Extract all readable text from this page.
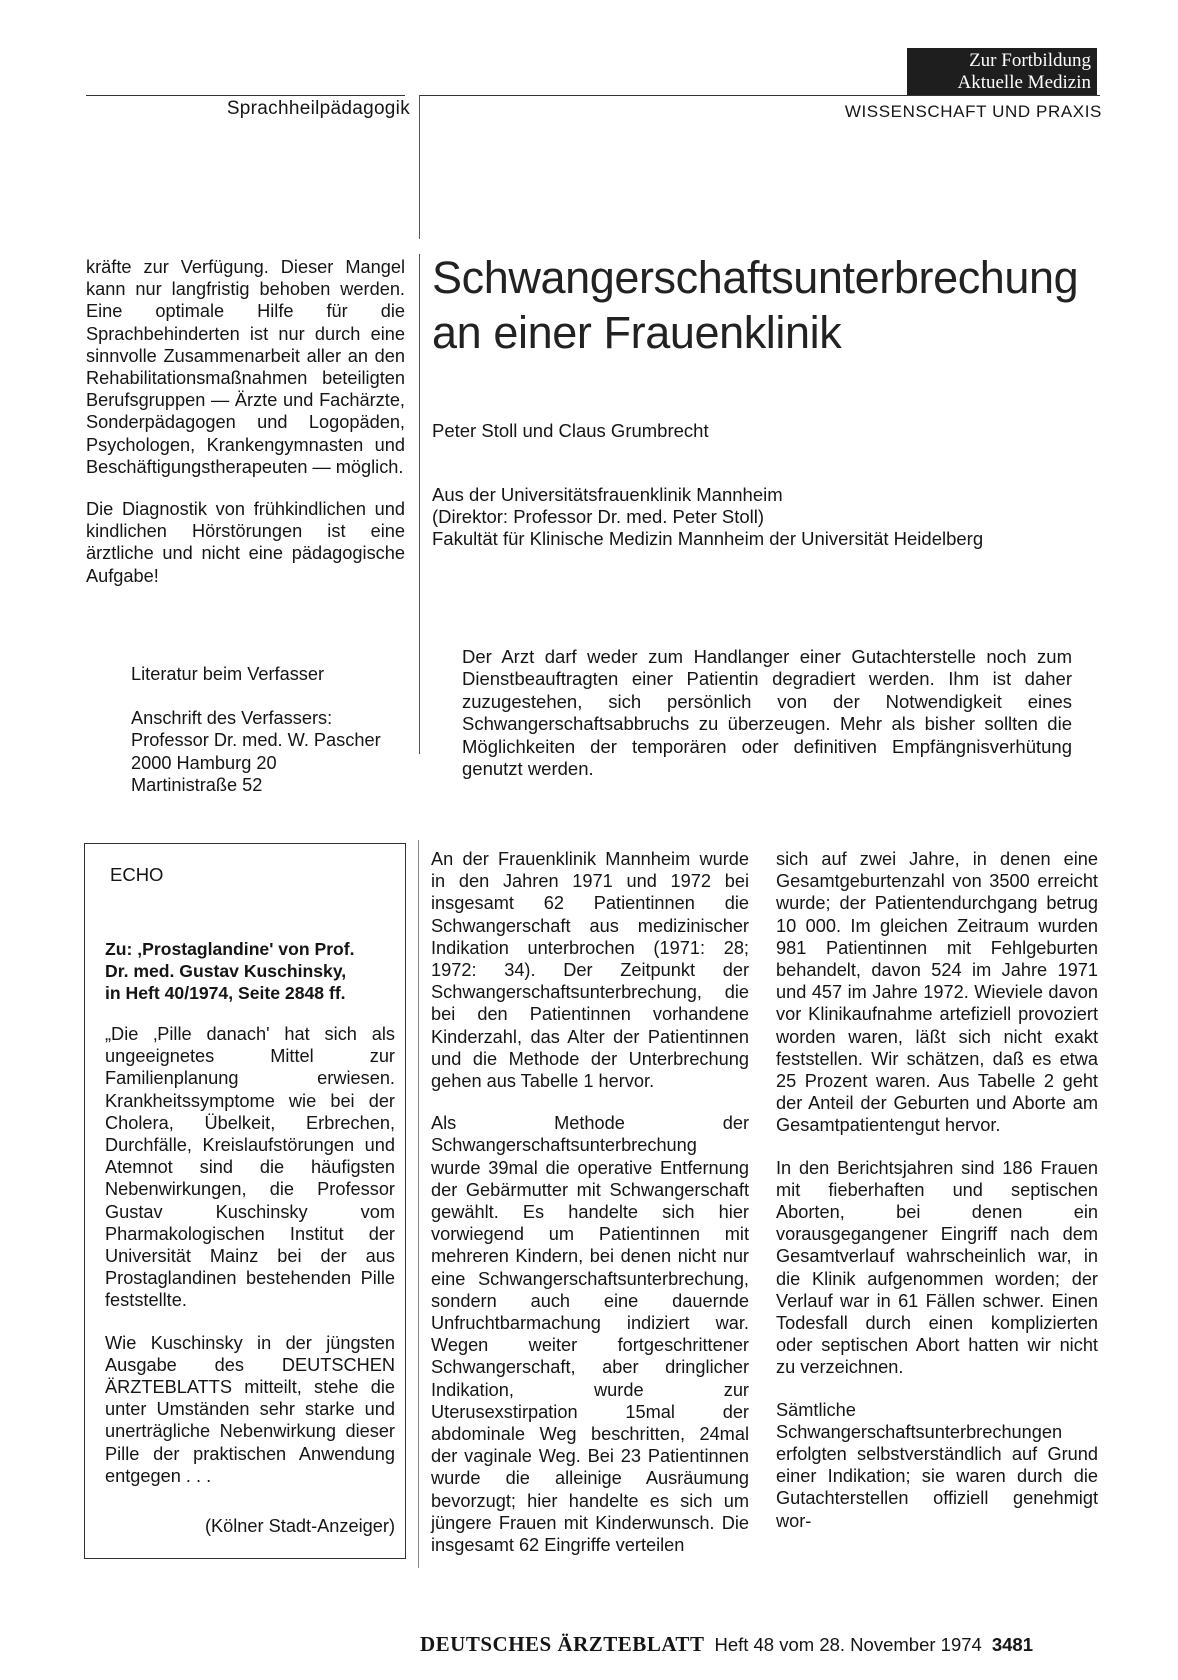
Zur Fortbildung
Aktuelle Medizin
Sprachheilpädagogik	WISSENSCHAFT UND PRAXIS

kräfte zur Verfügung. Dieser Mangel kann nur langfristig behoben werden. Eine optimale Hilfe für die Sprachbehinderten ist nur durch eine sinnvolle Zusammenarbeit aller an den Rehabilitationsmaßnahmen beteiligten Berufsgruppen — Ärzte und Fachärzte, Sonderpädagogen und Logopäden, Psychologen, Krankengymnasten und Beschäftigungstherapeuten — möglich.

Die Diagnostik von frühkindlichen und kindlichen Hörstörungen ist eine ärztliche und nicht eine pädagogische Aufgabe!

Literatur beim Verfasser
Anschrift des Verfassers:
Professor Dr. med. W. Pascher
2000 Hamburg 20
Martinistraße 52
ECHO
Zu: ‚Prostaglandine' von Prof.
Dr. med. Gustav Kuschinsky,
in Heft 40/1974, Seite 2848 ff.

„Die ‚Pille danach' hat sich als ungeeignetes Mittel zur Familienplanung erwiesen. Krankheitssymptome wie bei der Cholera, Übelkeit, Erbrechen, Durchfälle, Kreislaufstörungen und Atemnot sind die häufigsten Nebenwirkungen, die Professor Gustav Kuschinsky vom Pharmakologischen Institut der Universität Mainz bei der aus Prostaglandinen bestehenden Pille feststellte.

Wie Kuschinsky in der jüngsten Ausgabe des DEUTSCHEN ÄRZTEBLATTS mitteilt, stehe die unter Umständen sehr starke und unerträgliche Nebenwirkung dieser Pille der praktischen Anwendung entgegen . . .

(Kölner Stadt-Anzeiger)
Schwangerschaftsunterbrechung
an einer Frauenklinik
Peter Stoll und Claus Grumbrecht
Aus der Universitätsfrauenklinik Mannheim
(Direktor: Professor Dr. med. Peter Stoll)
Fakultät für Klinische Medizin Mannheim der Universität Heidelberg
Der Arzt darf weder zum Handlanger einer Gutachterstelle noch zum Dienstbeauftragten einer Patientin degradiert werden. Ihm ist daher zuzugestehen, sich persönlich von der Notwendigkeit eines Schwangerschaftsabbruchs zu überzeugen. Mehr als bisher sollten die Möglichkeiten der temporären oder definitiven Empfängnisverhütung genutzt werden.

An der Frauenklinik Mannheim wurde in den Jahren 1971 und 1972 bei insgesamt 62 Patientinnen die Schwangerschaft aus medizinischer Indikation unterbrochen (1971: 28; 1972: 34). Der Zeitpunkt der Schwangerschaftsunterbrechung, die bei den Patientinnen vorhandene Kinderzahl, das Alter der Patientinnen und die Methode der Unterbrechung gehen aus Tabelle 1 hervor.

Als Methode der Schwangerschaftsunterbrechung wurde 39mal die operative Entfernung der Gebärmutter mit Schwangerschaft gewählt. Es handelte sich hier vorwiegend um Patientinnen mit mehreren Kindern, bei denen nicht nur eine Schwangerschaftsunterbrechung, sondern auch eine dauernde Unfruchtbarmachung indiziert war. Wegen weiter fortgeschrittener Schwangerschaft, aber dringlicher Indikation, wurde zur Uterusexstirpation 15mal der abdominale Weg beschritten, 24mal der vaginale Weg. Bei 23 Patientinnen wurde die alleinige Ausräumung bevorzugt; hier handelte es sich um jüngere Frauen mit Kinderwunsch. Die insgesamt 62 Eingriffe verteilen

sich auf zwei Jahre, in denen eine Gesamtgeburtenzahl von 3500 erreicht wurde; der Patientendurchgang betrug 10 000. Im gleichen Zeitraum wurden 981 Patientinnen mit Fehlgeburten behandelt, davon 524 im Jahre 1971 und 457 im Jahre 1972. Wieviele davon vor Klinikaufnahme artefiziell provoziert worden waren, läßt sich nicht exakt feststellen. Wir schätzen, daß es etwa 25 Prozent waren. Aus Tabelle 2 geht der Anteil der Geburten und Aborte am Gesamtpatientengut hervor.

In den Berichtsjahren sind 186 Frauen mit fieberhaften und septischen Aborten, bei denen ein vorausgegangener Eingriff nach dem Gesamtverlauf wahrscheinlich war, in die Klinik aufgenommen worden; der Verlauf war in 61 Fällen schwer. Einen Todesfall durch einen komplizierten oder septischen Abort hatten wir nicht zu verzeichnen.

Sämtliche Schwangerschaftsunterbrechungen erfolgten selbstverständlich auf Grund einer Indikation; sie waren durch die Gutachterstellen offiziell genehmigt wor-

DEUTSCHES ÄRZTEBLATT Heft 48 vom 28. November 1974 3481
